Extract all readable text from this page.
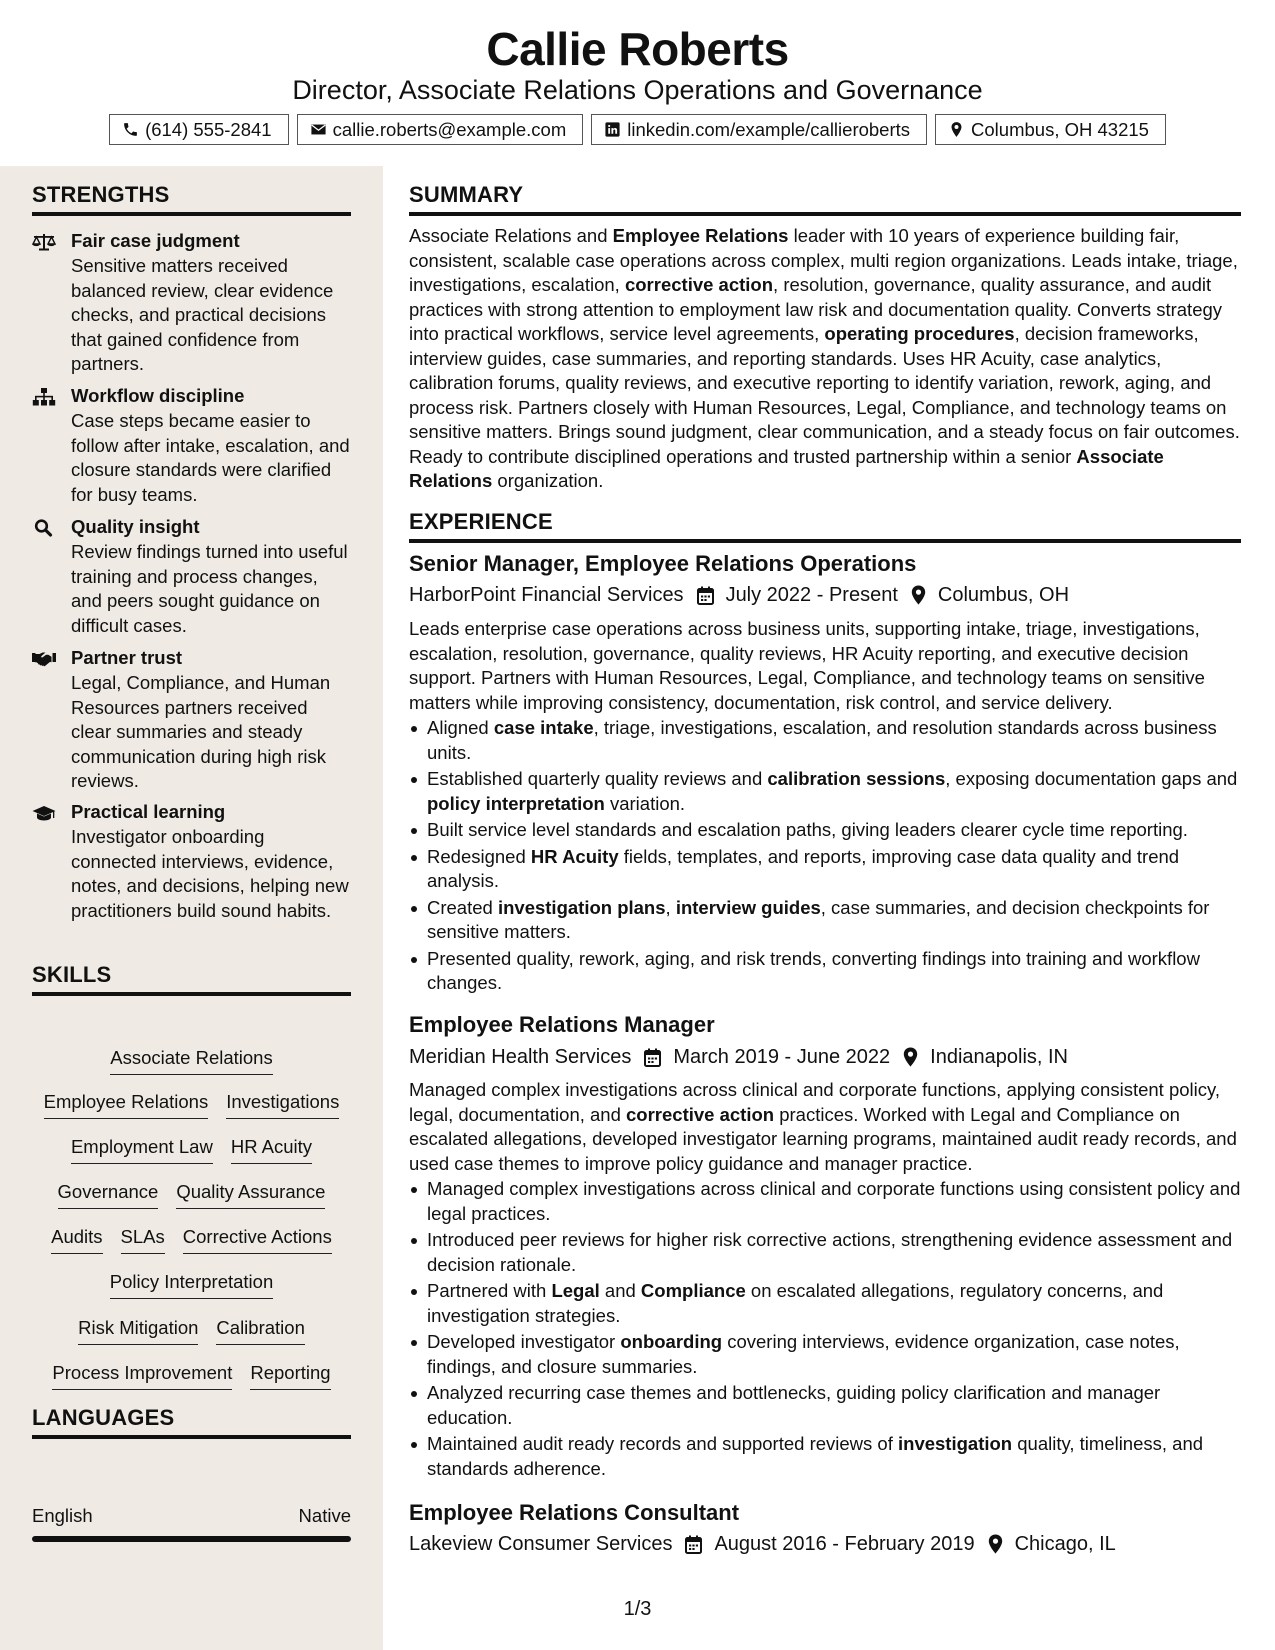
Callie Roberts
Director, Associate Relations Operations and Governance
(614) 555-2841	callie.roberts@example.com	linkedin.com/example/callieroberts	Columbus, OH 43215
STRENGTHS
Fair case judgment
Sensitive matters received balanced review, clear evidence checks, and practical decisions that gained confidence from partners.
Workflow discipline
Case steps became easier to follow after intake, escalation, and closure standards were clarified for busy teams.
Quality insight
Review findings turned into useful training and process changes, and peers sought guidance on difficult cases.
Partner trust
Legal, Compliance, and Human Resources partners received clear summaries and steady communication during high risk reviews.
Practical learning
Investigator onboarding connected interviews, evidence, notes, and decisions, helping new practitioners build sound habits.
SKILLS
Associate Relations
Employee Relations Investigations
Employment Law HR Acuity
Governance Quality Assurance
Audits SLAs Corrective Actions
Policy Interpretation
Risk Mitigation Calibration
Process Improvement Reporting
LANGUAGES
English	Native
SUMMARY
Associate Relations and Employee Relations leader with 10 years of experience building fair, consistent, scalable case operations across complex, multi region organizations. Leads intake, triage, investigations, escalation, corrective action, resolution, governance, quality assurance, and audit practices with strong attention to employment law risk and documentation quality. Converts strategy into practical workflows, service level agreements, operating procedures, decision frameworks, interview guides, case summaries, and reporting standards. Uses HR Acuity, case analytics, calibration forums, quality reviews, and executive reporting to identify variation, rework, aging, and process risk. Partners closely with Human Resources, Legal, Compliance, and technology teams on sensitive matters. Brings sound judgment, clear communication, and a steady focus on fair outcomes. Ready to contribute disciplined operations and trusted partnership within a senior Associate Relations organization.
EXPERIENCE
Senior Manager, Employee Relations Operations
HarborPoint Financial Services July 2022 - Present Columbus, OH
Leads enterprise case operations across business units, supporting intake, triage, investigations, escalation, resolution, governance, quality reviews, HR Acuity reporting, and executive decision support. Partners with Human Resources, Legal, Compliance, and technology teams on sensitive matters while improving consistency, documentation, risk control, and service delivery.
Aligned case intake, triage, investigations, escalation, and resolution standards across business units.
Established quarterly quality reviews and calibration sessions, exposing documentation gaps and policy interpretation variation.
Built service level standards and escalation paths, giving leaders clearer cycle time reporting.
Redesigned HR Acuity fields, templates, and reports, improving case data quality and trend analysis.
Created investigation plans, interview guides, case summaries, and decision checkpoints for sensitive matters.
Presented quality, rework, aging, and risk trends, converting findings into training and workflow changes.
Employee Relations Manager
Meridian Health Services March 2019 - June 2022 Indianapolis, IN
Managed complex investigations across clinical and corporate functions, applying consistent policy, legal, documentation, and corrective action practices. Worked with Legal and Compliance on escalated allegations, developed investigator learning programs, maintained audit ready records, and used case themes to improve policy guidance and manager practice.
Managed complex investigations across clinical and corporate functions using consistent policy and legal practices.
Introduced peer reviews for higher risk corrective actions, strengthening evidence assessment and decision rationale.
Partnered with Legal and Compliance on escalated allegations, regulatory concerns, and investigation strategies.
Developed investigator onboarding covering interviews, evidence organization, case notes, findings, and closure summaries.
Analyzed recurring case themes and bottlenecks, guiding policy clarification and manager education.
Maintained audit ready records and supported reviews of investigation quality, timeliness, and standards adherence.
Employee Relations Consultant
Lakeview Consumer Services August 2016 - February 2019 Chicago, IL
1/3
